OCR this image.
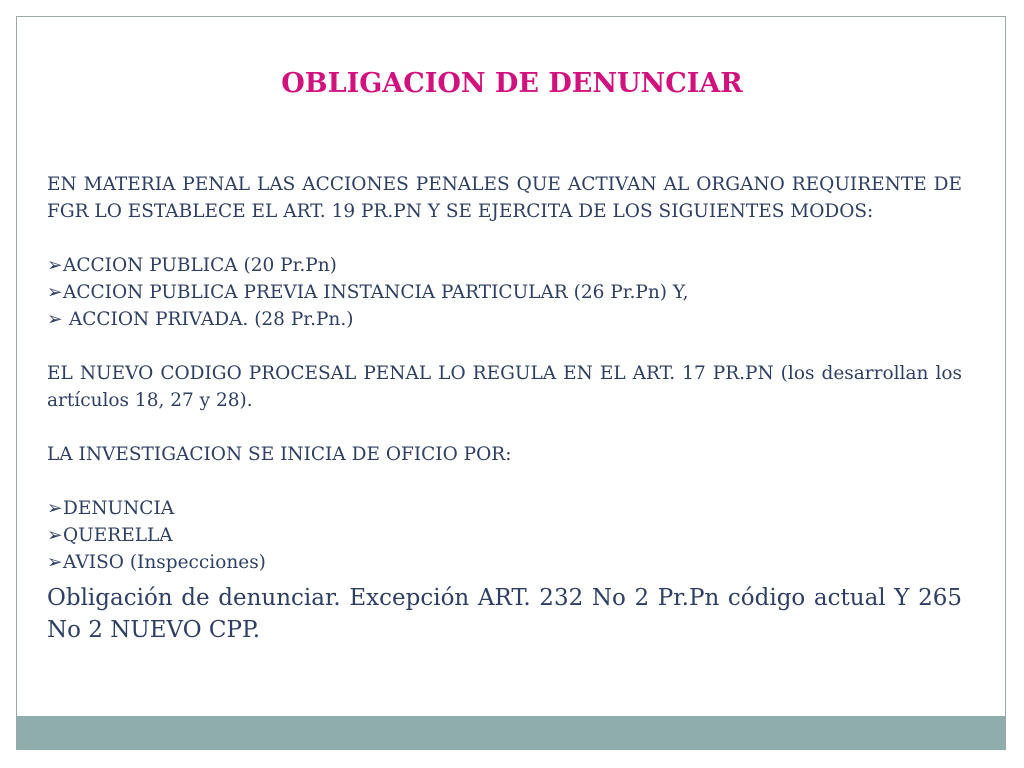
OBLIGACION DE DENUNCIAR

EN MATERIA PENAL LAS ACCIONES PENALES QUE ACTIVAN AL ORGANO REQUIRENTE DE FGR LO ESTABLECE EL ART. 19 PR.PN Y SE EJERCITA DE LOS SIGUIENTES MODOS:

➢ACCION PUBLICA (20 Pr.Pn)

➢ACCION PUBLICA PREVIA INSTANCIA PARTICULAR (26 Pr.Pn) Y,

➢ ACCION PRIVADA. (28 Pr.Pn.)

EL NUEVO CODIGO PROCESAL PENAL LO REGULA EN EL ART. 17 PR.PN (los desarrollan los artículos 18, 27 y 28).

LA INVESTIGACION SE INICIA DE OFICIO POR:

➢DENUNCIA

➢QUERELLA

➢AVISO (Inspecciones)

Obligación de denunciar. Excepción ART. 232 No 2 Pr.Pn código actual Y 265 No 2 NUEVO CPP.
